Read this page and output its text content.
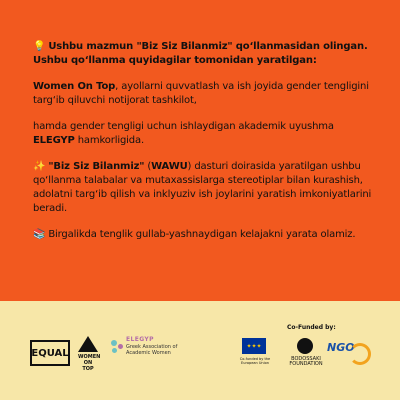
💡 Ushbu mazmun "Biz Siz Bilanmiz" qo‘llanmasidan olingan. Ushbu qo‘llanma quyidagilar tomonidan yaratilgan:

Women On Top, ayollarni quvvatlash va ish joyida gender tengligini targ‘ib qiluvchi notijorat tashkilot,

hamda gender tengligi uchun ishlaydigan akademik uyushma ELEGYP hamkorligida.

✨ "Biz Siz Bilanmiz" (WAWU) dasturi doirasida yaratilgan ushbu qo‘llanma talabalar va mutaxassislarga stereotiplar bilan kurashish, adolatni targ‘ib qilish va inklyuziv ish joylarini yaratish imkoniyatlarini beradi.

📚 Birgalikda tenglik gullab-yashnaydigan kelajakni yarata olamiz.

EQUAL WOMEN ON TOP
ELEGYP
Greek Association of Academic Women
Co-Funded by:
✦✦✦
Co-funded by the European Union
BODOSSAKI FOUNDATION
NGO
